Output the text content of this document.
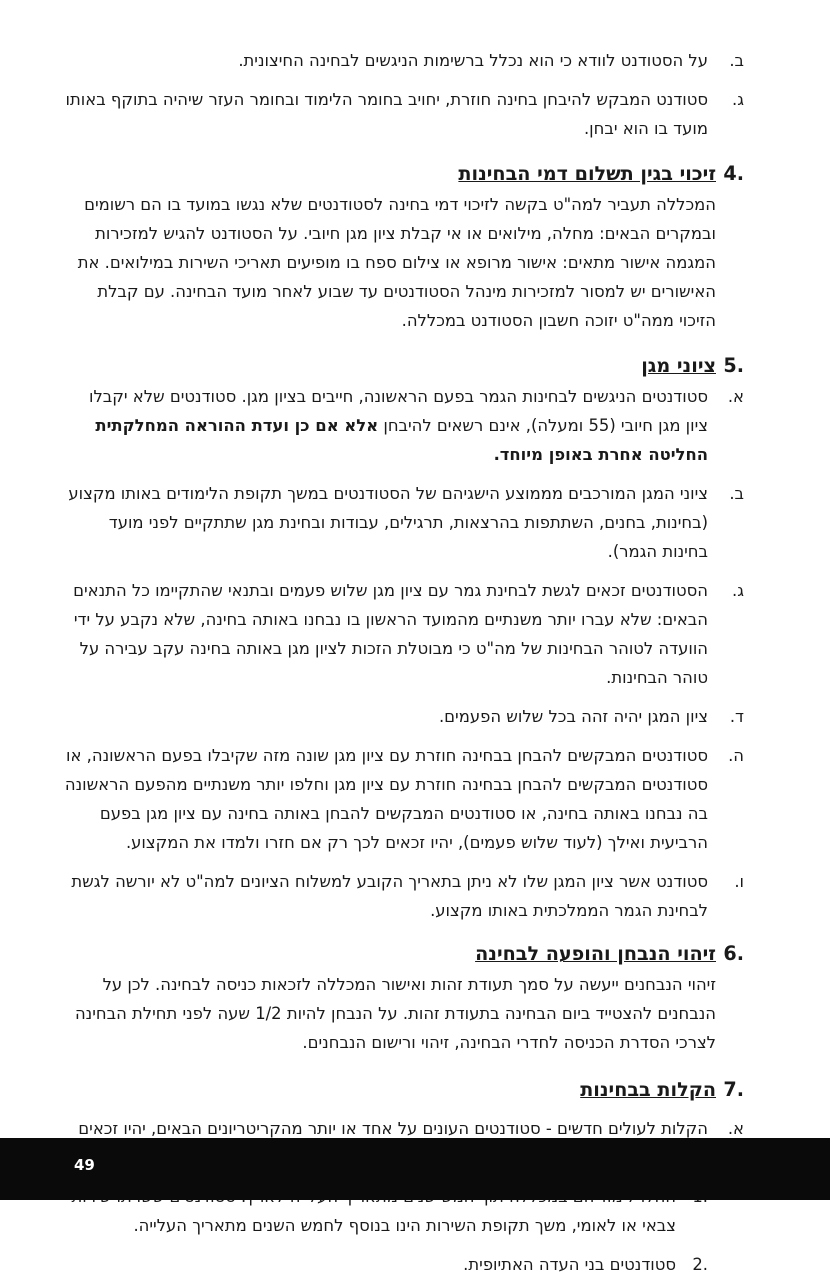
ב.
על הסטודנט לוודא כי הוא נכלל ברשימות הניגשים לבחינה החיצונית.

ג.
סטודנט המבקש להיבחן בחינה חוזרת, יחויב בחומר הלימוד ובחומר העזר שיהיה בתוקף באותו מועד בו הוא יבחן.

.4
זיכוי בגין תשלום דמי הבחינות

המכללה תעביר למה"ט בקשה לזיכוי דמי בחינה לסטודנטים שלא נגשו במועד בו הם רשומים ובמקרים הבאים: מחלה, מילואים או אי קבלת ציון מגן חיובי. על הסטודנט להגיש למזכירות המגמה אישור מתאים: אישור מרופא או צילום ספח בו מופיעים תאריכי השירות במילואים. את האישורים יש למסור למזכירות מינהל הסטודנטים עד שבוע לאחר מועד הבחינה. עם קבלת הזיכוי ממה"ט יזוכה חשבון הסטודנט במכללה.

.5
ציוני מגן

א.
סטודנטים הניגשים לבחינות הגמר בפעם הראשונה, חייבים בציון מגן. סטודנטים שלא יקבלו ציון מגן חיובי (55 ומעלה), אינם רשאים להיבחן אלא אם כן ועדת ההוראה המחלקתית החליטה אחרת באופן מיוחד.

ב.
ציוני המגן המורכבים מממוצע הישגיהם של הסטודנטים במשך תקופת הלימודים באותו מקצוע (בחינות, בחנים, השתתפות בהרצאות, תרגילים, עבודות ובחינת מגן שתתקיים לפני מועד בחינות הגמר).

ג.
הסטודנטים זכאים לגשת לבחינת גמר עם ציון מגן שלוש פעמים ובתנאי שהתקיימו כל התנאים הבאים: שלא עברו יותר משנתיים מהמועד הראשון בו נבחנו באותה בחינה, שלא נקבע על ידי הוועדה לטוהר הבחינות של מה"ט כי מבוטלת הזכות לציון מגן באותה בחינה עקב עבירה על טוהר הבחינות.

ד.
ציון המגן יהיה זהה בכל שלוש הפעמים.

ה.
סטודנטים המבקשים להבחן בבחינה חוזרת עם ציון מגן שונה מזה שקיבלו בפעם הראשונה, או סטודנטים המבקשים להבחן בבחינה חוזרת עם ציון מגן וחלפו יותר משנתיים מהפעם הראשונה בה נבחנו באותה בחינה, או סטודנטים המבקשים להבחן באותה בחינה עם ציון מגן בפעם הרביעית ואילך (לעוד שלוש פעמים), יהיו זכאים לכך רק אם חזרו ולמדו את המקצוע.

ו.
סטודנט אשר ציון המגן שלו לא ניתן בתאריך הקובע למשלוח הציונים למה"ט לא יורשה לגשת לבחינת הגמר הממלכתית באותו מקצוע.

.6
זיהוי הנבחן והופעה לבחינה

זיהוי הנבחנים ייעשה על סמך תעודת זהות ואישור המכללה לזכאות כניסה לבחינה. לכן על הנבחנים להצטייד ביום הבחינה בתעודת זהות. על הנבחן להיות 1/2 שעה לפני תחילת הבחינה לצרכי הסדרת הכניסה לחדרי הבחינה, זיהוי ורישום הנבחנים.

.7
הקלות בבחינות

א.
הקלות לעולים חדשים - סטודנטים העונים על אחד או יותר מהקריטריונים הבאים, יהיו זכאים

צבאי או לאומי, משך תקופת השירות הינו בנוסף לחמש השנים מתאריך העלייה.

.2
סטודנטים בני העדה האתיופית.

49
